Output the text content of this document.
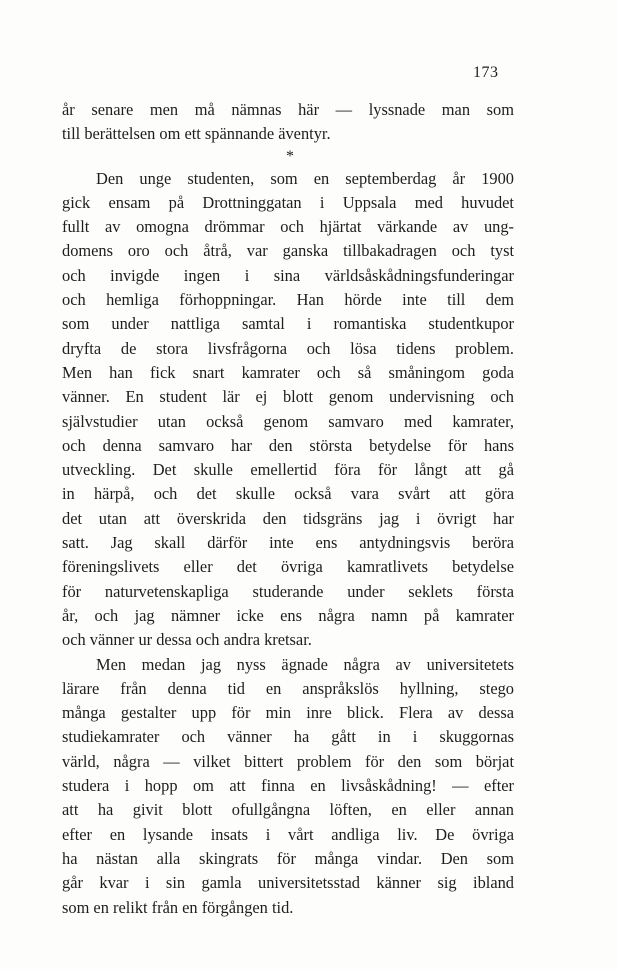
173
år senare men må nämnas här — lyssnade man som
till berättelsen om ett spännande äventyr.
*
Den unge studenten, som en septemberdag år 1900
gick ensam på Drottninggatan i Uppsala med huvudet
fullt av omogna drömmar och hjärtat värkande av ung-
domens oro och åtrå, var ganska tillbakadragen och tyst
och invigde ingen i sina världsåskådningsfunderingar
och hemliga förhoppningar. Han hörde inte till dem
som under nattliga samtal i romantiska studentkupor
dryfta de stora livsfrågorna och lösa tidens problem.
Men han fick snart kamrater och så småningom goda
vänner. En student lär ej blott genom undervisning och
självstudier utan också genom samvaro med kamrater,
och denna samvaro har den största betydelse för hans
utveckling. Det skulle emellertid föra för långt att gå
in härpå, och det skulle också vara svårt att göra
det utan att överskrida den tidsgräns jag i övrigt har
satt. Jag skall därför inte ens antydningsvis beröra
föreningslivets eller det övriga kamratlivets betydelse
för naturvetenskapliga studerande under seklets första
år, och jag nämner icke ens några namn på kamrater
och vänner ur dessa och andra kretsar.
Men medan jag nyss ägnade några av universitetets
lärare från denna tid en anspråkslös hyllning, stego
många gestalter upp för min inre blick. Flera av dessa
studiekamrater och vänner ha gått in i skuggornas
värld, några — vilket bittert problem för den som börjat
studera i hopp om att finna en livsåskådning! — efter
att ha givit blott ofullgångna löften, en eller annan
efter en lysande insats i vårt andliga liv. De övriga
ha nästan alla skingrats för många vindar. Den som
går kvar i sin gamla universitetsstad känner sig ibland
som en relikt från en förgången tid.
